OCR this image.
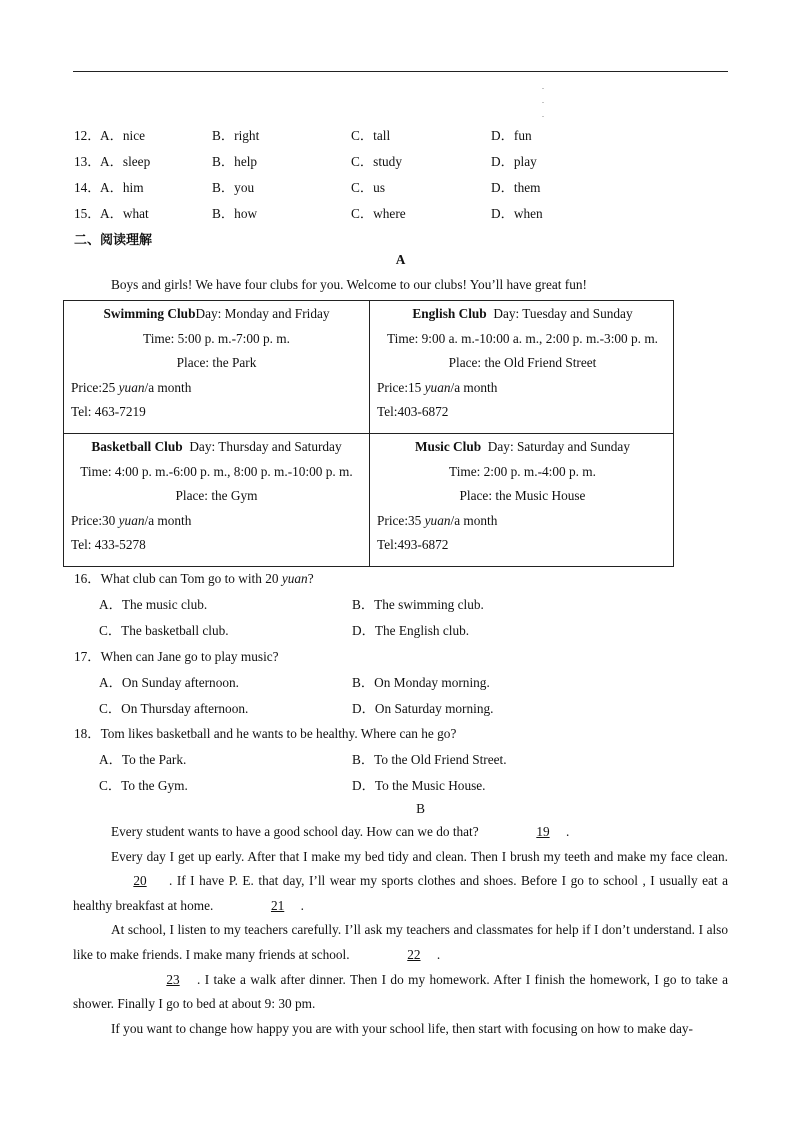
.
.
.
12． A．nice	B．right	C．tall	D．fun
13． A．sleep	B．help	C．study	D．play
14． A．him	B．you	C．us	D．them
15． A．what	B．how	C．where	D．when
二、阅读理解
A
Boys and girls! We have four clubs for you. Welcome to our clubs! You’ll have great fun!
Swimming ClubDay: Monday and Friday
Time: 5:00 p. m.-7:00 p. m.
Place: the Park
Price:25 yuan/a month
Tel: 463-7219
English Club Day: Tuesday and Sunday
Time: 9:00 a. m.-10:00 a. m., 2:00 p. m.-3:00 p. m.
Place: the Old Friend Street
Price:15 yuan/a month
Tel:403-6872
Basketball Club Day: Thursday and Saturday
Time: 4:00 p. m.-6:00 p. m., 8:00 p. m.-10:00 p. m.
Place: the Gym
Price:30 yuan/a month
Tel: 433-5278
Music Club Day: Saturday and Sunday
Time: 2:00 p. m.-4:00 p. m.
Place: the Music House
Price:35 yuan/a month
Tel:493-6872
16．What club can Tom go to with 20 yuan?
A．The music club.	B．The swimming club.
C．The basketball club.	D．The English club.
17．When can Jane go to play music?
A．On Sunday afternoon.	B．On Monday morning.
C．On Thursday afternoon.	D．On Saturday morning.
18．Tom likes basketball and he wants to be healthy. Where can he go?
A．To the Park.	B．To the Old Friend Street.
C．To the Gym.	D．To the Music House.
B

Every student wants to have a good school day. How can we do that?	19 .

Every day I get up early. After that I make my bed tidy and clean. Then I brush my teeth and make my face clean. 20 . If I have P. E. that day, I’ll wear my sports clothes and shoes. Before I go to school , I usually eat a healthy breakfast at home.	21 .

At school, I listen to my teachers carefully. I’ll ask my teachers and classmates for help if I don’t understand. I also like to make friends. I make many friends at school.	22 .

23 . I take a walk after dinner. Then I do my homework. After I finish the homework, I go to take a shower. Finally I go to bed at about 9: 30 pm.

If you want to change how happy you are with your school life, then start with focusing on how to make day-
